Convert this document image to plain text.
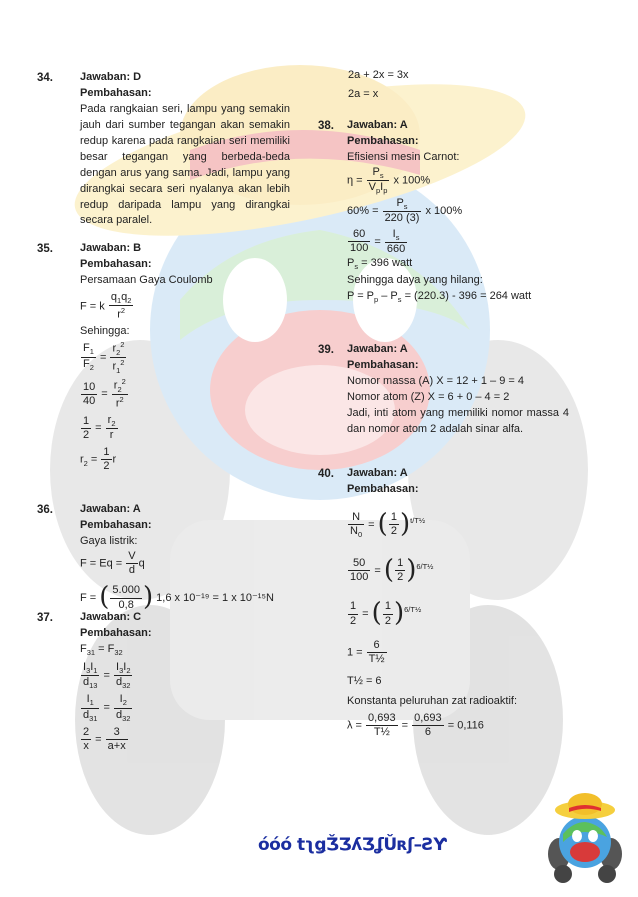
34. Jawaban: D
Pembahasan:
Pada rangkaian seri, lampu yang semakin jauh dari sumber tegangan akan semakin redup karena pada rangkaian seri memiliki besar tegangan yang berbeda-beda dengan arus yang sama. Jadi, lampu yang dirangkai secara seri nyalanya akan lebih redup daripada lampu yang dirangkai secara paralel.
35. Jawaban: B
Pembahasan:
Persamaan Gaya Coulomb
F = k $\frac{q_1q_2}{r^2}$
Sehingga:
$\frac{F_1}{F_2} = \frac{r_2^2}{r_1^2}$
$\frac{10}{40} = \frac{r_2^2}{r^2}$
$\frac{1}{2} = \frac{r_2}{r}$
$r_2 = \frac{1}{2}$ r
36. Jawaban: A
Pembahasan:
Gaya listrik:
$F = Eq = \frac{V}{d}$ q
F = ( $\frac{5.000}{0,8}$ ) 1,6 x 10⁻¹⁹ = 1 x 10⁻¹⁵N
37. Jawaban: C
Pembahasan:
$F_{31} = F_{32}$
$\frac{I_3I_1}{d_{13}} = \frac{I_3I_2}{d_{32}}$
$\frac{I_1}{d_{31}} = \frac{I_2}{d_{32}}$
$\frac{2}{x} = \frac{3}{a+x}$
2a + 2x = 3x
2a = x
38. Jawaban: A
Pembahasan:
Efisiensi mesin Carnot:
$\eta = \frac{P_s}{V_pI_p}$ x 100%
$60\% = \frac{P_s}{220 (3)}$ x 100%
$\frac{60}{100} = \frac{I_s}{660}$
$P_s = 396$ watt
Sehingga daya yang hilang:
$P = P_p - P_s = (220.3) - 396 = 264$ watt
39. Jawaban: A
Pembahasan:
Nomor massa (A) X = 12 + 1 – 9 = 4
Nomor atom (Z) X = 6 + 0 – 4 = 2
Jadi, inti atom yang memiliki nomor massa 4 dan nomor atom 2 adalah sinar alfa.
40. Jawaban: A
Pembahasan:
$\frac{N}{N_0}$ = ( $\frac{1}{2} )^{t/T\frac{1}{2}}$
$\frac{50}{100}$ = ( $\frac{1}{2} )^{6/T\frac{1}{2}}$
$\frac{1}{2}$ = ( $\frac{1}{2} )^{6/T\frac{1}{2}}$
$1 = \frac{6}{\text{T½}}$
T½ = 6
Konstanta peluruhan zat radioaktif:
$\lambda = \frac{0,693}{\text{T½}} = \frac{0,693}{6} = 0,116$
óóó tʅǥǮƷʎƷʆǓʀʃ–ƧƳ
